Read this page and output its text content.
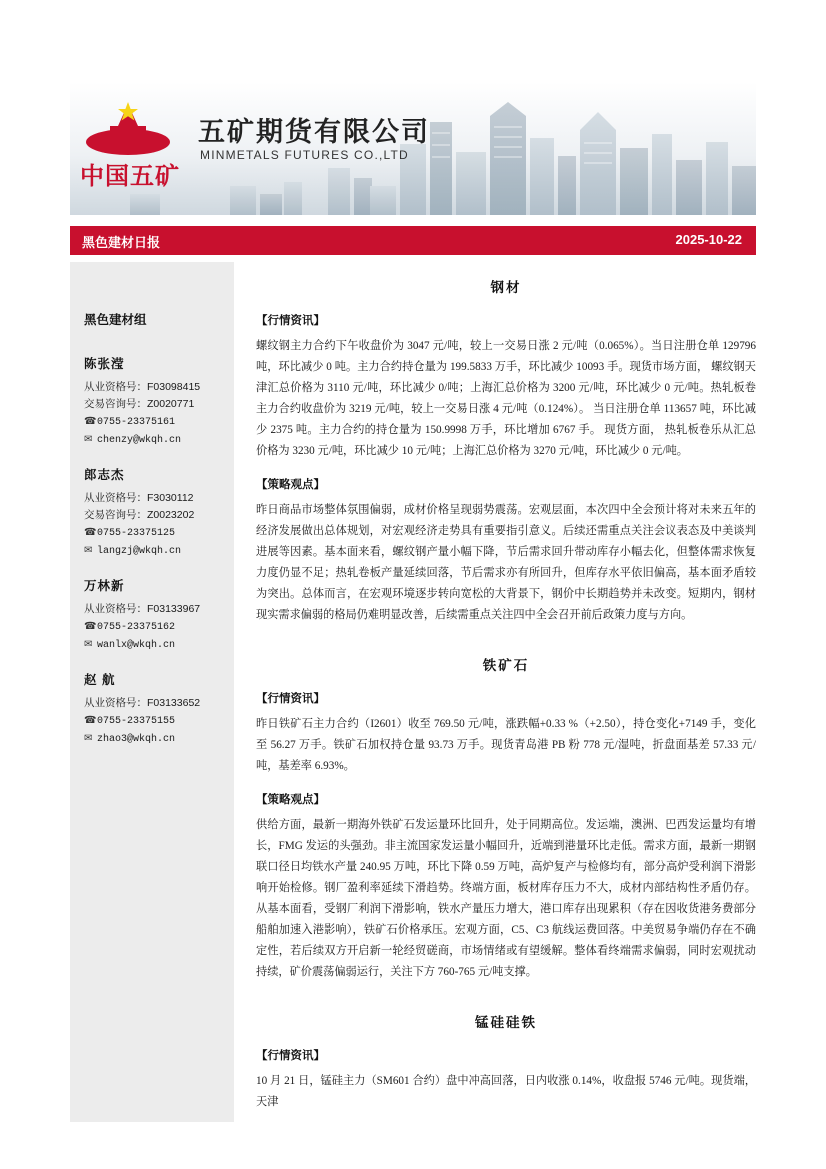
中国五矿
五矿期货有限公司
MINMETALS FUTURES CO.,LTD
黑色建材日报	2025-10-22
黑色建材组
陈张滢
从业资格号：F03098415
交易咨询号：Z0020771
☎0755-23375161
✉ chenzy@wkqh.cn
郎志杰
从业资格号：F3030112
交易咨询号：Z0023202
☎0755-23375125
✉ langzj@wkqh.cn
万林新
从业资格号：F03133967
☎0755-23375162
✉ wanlx@wkqh.cn
赵 航
从业资格号：F03133652
☎0755-23375155
✉ zhao3@wkqh.cn
钢材
【行情资讯】

螺纹钢主力合约下午收盘价为 3047 元/吨，较上一交易日涨 2 元/吨（0.065%）。当日注册仓单 129796 吨，环比减少 0 吨。主力合约持仓量为 199.5833 万手，环比减少 10093 手。现货市场方面， 螺纹钢天津汇总价格为 3110 元/吨，环比减少 0/吨；上海汇总价格为 3200 元/吨，环比减少 0 元/吨。热轧板卷主力合约收盘价为 3219 元/吨，较上一交易日涨 4 元/吨（0.124%）。 当日注册仓单 113657 吨，环比减少 2375 吨。主力合约的持仓量为 150.9998 万手，环比增加 6767 手。 现货方面， 热轧板卷乐从汇总价格为 3230 元/吨，环比减少 10 元/吨；上海汇总价格为 3270 元/吨，环比减少 0 元/吨。

【策略观点】

昨日商品市场整体氛围偏弱，成材价格呈现弱势震荡。宏观层面，本次四中全会预计将对未来五年的经济发展做出总体规划，对宏观经济走势具有重要指引意义。后续还需重点关注会议表态及中美谈判进展等因素。基本面来看，螺纹钢产量小幅下降，节后需求回升带动库存小幅去化，但整体需求恢复力度仍显不足；热轧卷板产量延续回落，节后需求亦有所回升，但库存水平依旧偏高，基本面矛盾较为突出。总体而言，在宏观环境逐步转向宽松的大背景下，钢价中长期趋势并未改变。短期内，钢材现实需求偏弱的格局仍难明显改善，后续需重点关注四中全会召开前后政策力度与方向。

铁矿石
【行情资讯】

昨日铁矿石主力合约（I2601）收至 769.50 元/吨，涨跌幅+0.33 %（+2.50），持仓变化+7149 手，变化至 56.27 万手。铁矿石加权持仓量 93.73 万手。现货青岛港 PB 粉 778 元/湿吨，折盘面基差 57.33 元/吨，基差率 6.93%。

【策略观点】

供给方面，最新一期海外铁矿石发运量环比回升，处于同期高位。发运端，澳洲、巴西发运量均有增长，FMG 发运的头强劲。非主流国家发运量小幅回升，近端到港量环比走低。需求方面，最新一期钢联口径日均铁水产量 240.95 万吨，环比下降 0.59 万吨，高炉复产与检修均有，部分高炉受利润下滑影响开始检修。钢厂盈利率延续下滑趋势。终端方面，板材库存压力不大，成材内部结构性矛盾仍存。从基本面看，受钢厂利润下滑影响，铁水产量压力增大，港口库存出现累积（存在因收货港务费部分船舶加速入港影响），铁矿石价格承压。宏观方面，C5、C3 航线运费回落。中美贸易争端仍存在不确定性，若后续双方开启新一轮经贸磋商，市场情绪或有望缓解。整体看终端需求偏弱，同时宏观扰动持续，矿价震荡偏弱运行，关注下方 760-765 元/吨支撑。

锰硅硅铁
【行情资讯】

10 月 21 日，锰硅主力（SM601 合约）盘中冲高回落，日内收涨 0.14%，收盘报 5746 元/吨。现货端，天津
